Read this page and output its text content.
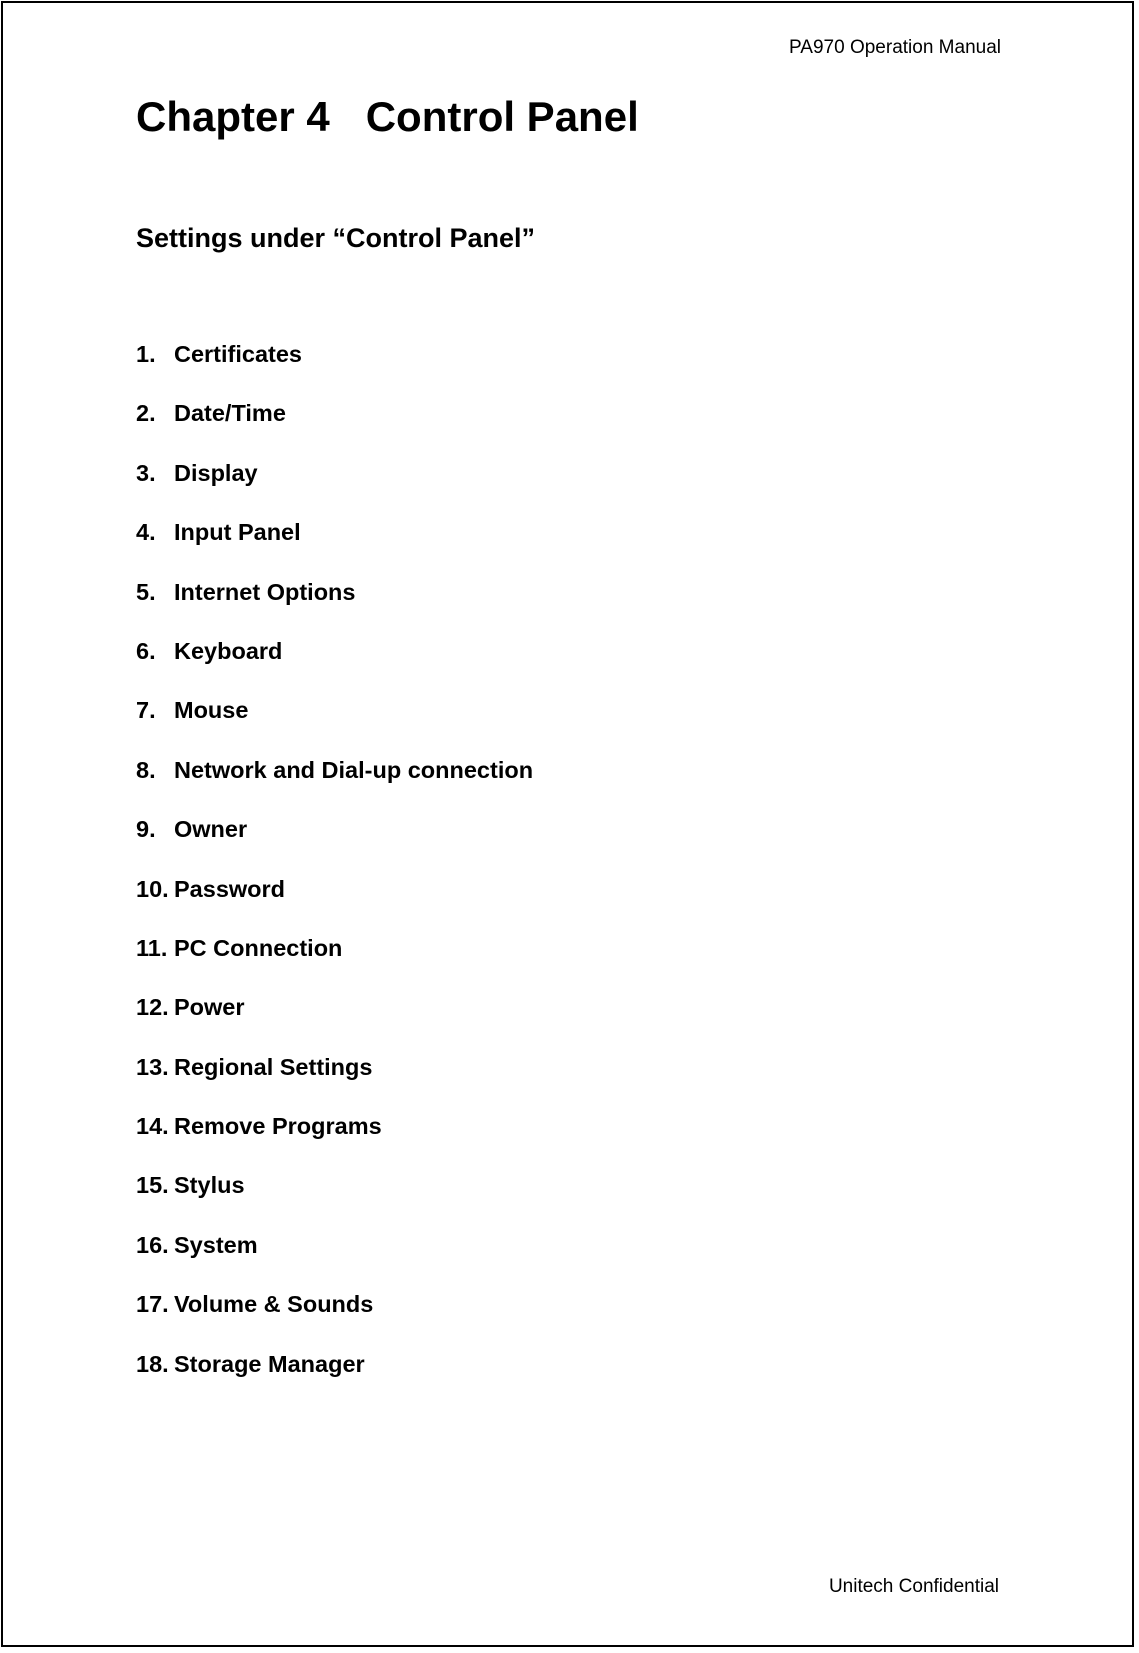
PA970 Operation Manual
Chapter 4 Control Panel
Settings under “Control Panel”
1. Certificates
2. Date/Time
3. Display
4. Input Panel
5. Internet Options
6. Keyboard
7. Mouse
8. Network and Dial-up connection
9. Owner
10. Password
11. PC Connection
12. Power
13. Regional Settings
14. Remove Programs
15. Stylus
16. System
17. Volume & Sounds
18. Storage Manager
Unitech Confidential
